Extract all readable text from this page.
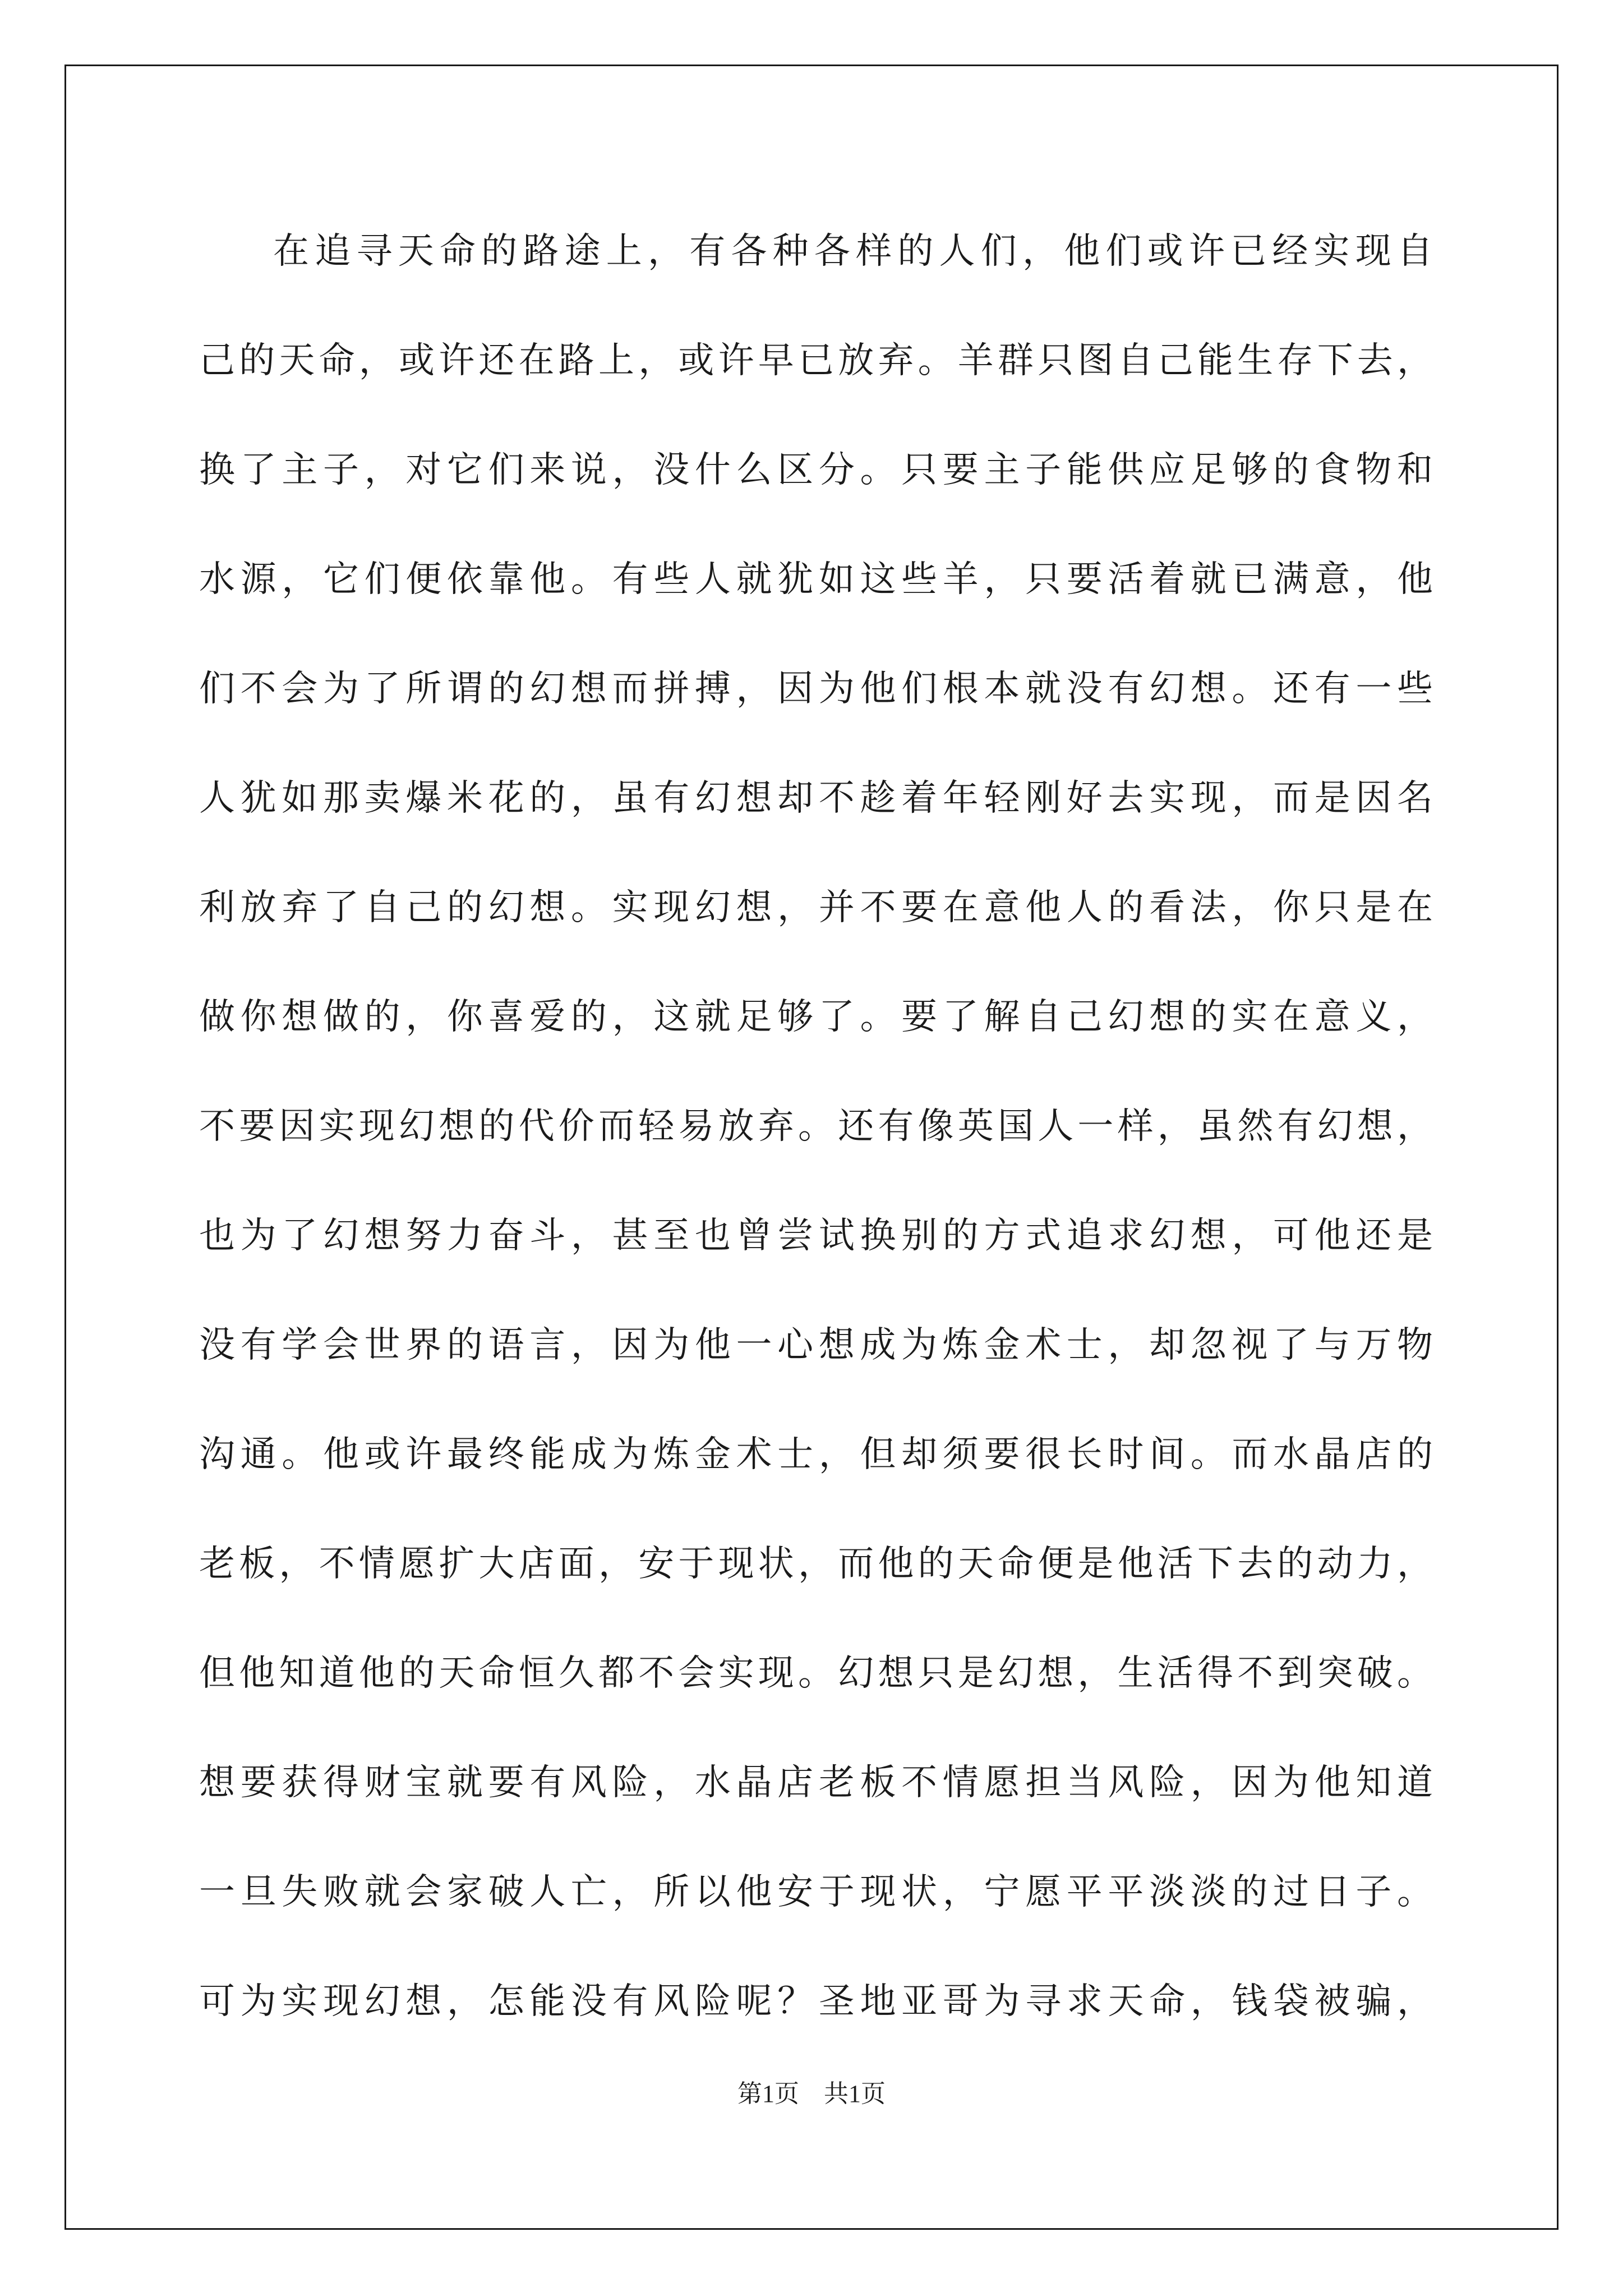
在追寻天命的路途上，有各种各样的人们，他们或许已经实现自
己的天命，或许还在路上，或许早已放弃。羊群只图自己能生存下去，
换了主子，对它们来说，没什么区分。只要主子能供应足够的食物和
水源，它们便依靠他。有些人就犹如这些羊，只要活着就已满意，他
们不会为了所谓的幻想而拼搏，因为他们根本就没有幻想。还有一些
人犹如那卖爆米花的，虽有幻想却不趁着年轻刚好去实现，而是因名
利放弃了自己的幻想。实现幻想，并不要在意他人的看法，你只是在
做你想做的，你喜爱的，这就足够了。要了解自己幻想的实在意义，
不要因实现幻想的代价而轻易放弃。还有像英国人一样，虽然有幻想，
也为了幻想努力奋斗，甚至也曾尝试换别的方式追求幻想，可他还是
没有学会世界的语言，因为他一心想成为炼金术士，却忽视了与万物
沟通。他或许最终能成为炼金术士，但却须要很长时间。而水晶店的
老板，不情愿扩大店面，安于现状，而他的天命便是他活下去的动力，
但他知道他的天命恒久都不会实现。幻想只是幻想，生活得不到突破。
想要获得财宝就要有风险，水晶店老板不情愿担当风险，因为他知道
一旦失败就会家破人亡，所以他安于现状，宁愿平平淡淡的过日子。
可为实现幻想，怎能没有风险呢？圣地亚哥为寻求天命，钱袋被骗，
第1页　共1页
